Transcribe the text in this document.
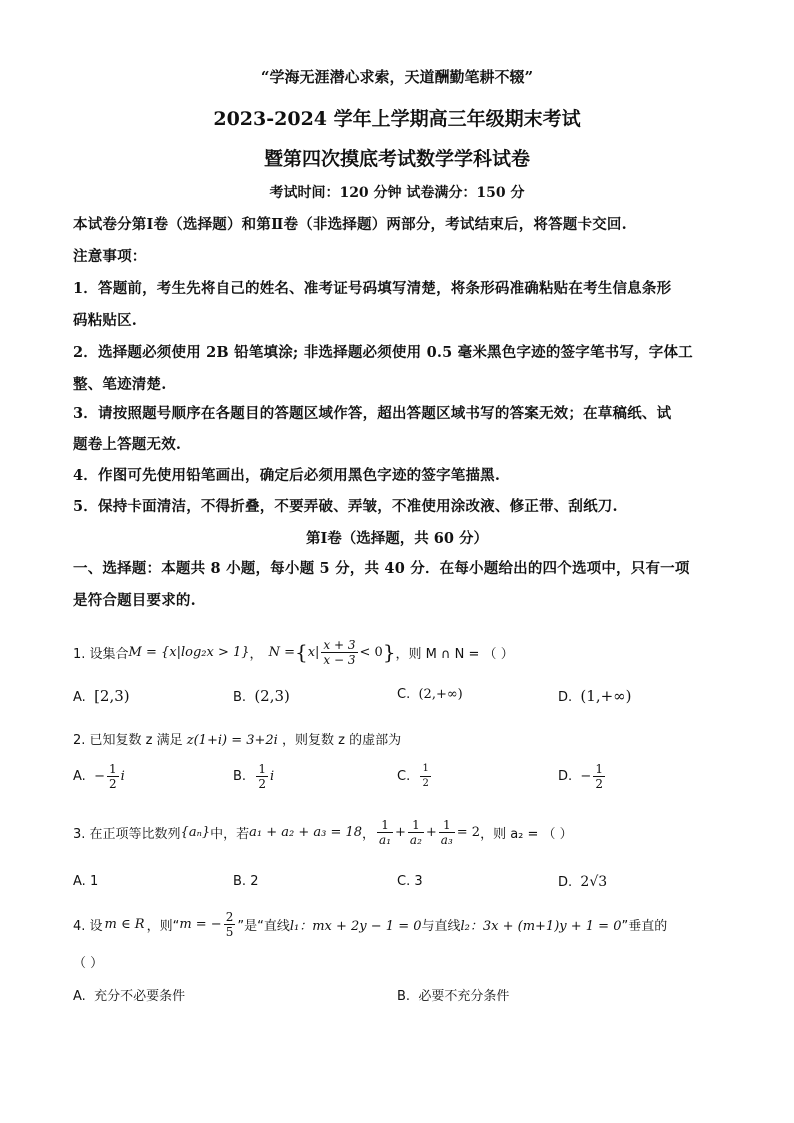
“学海无涯潜心求索，天道酬勤笔耕不辍”
2023-2024 学年上学期高三年级期末考试
暨第四次摸底考试数学学科试卷
考试时间：120 分钟 试卷满分：150 分
本试卷分第Ⅰ卷（选择题）和第Ⅱ卷（非选择题）两部分，考试结束后，将答题卡交回.
注意事项：
1．答题前，考生先将自己的姓名、准考证号码填写清楚，将条形码准确粘贴在考生信息条形
码粘贴区.
2．选择题必须使用 2B 铅笔填涂; 非选择题必须使用 0.5 毫米黑色字迹的签字笔书写，字体工
整、笔迹清楚.
3．请按照题号顺序在各题目的答题区域作答，超出答题区域书写的答案无效；在草稿纸、试
题卷上答题无效.
4．作图可先使用铅笔画出，确定后必须用黑色字迹的签字笔描黑.
5．保持卡面清洁，不得折叠，不要弄破、弄皱，不准使用涂改液、修正带、刮纸刀.
第Ⅰ卷（选择题，共 60 分）
一、选择题：本题共 8 小题，每小题 5 分，共 40 分．在每小题给出的四个选项中，只有一项
是符合题目要求的.
1. 设集合 M = {x|log₂x > 1} ， N = { $x| \frac{x + 3}{x - 3} < 0$ } ，则 M ∩ N = （ ）
A. [2,3)	B. (2,3)	C. (2,+∞)	D. (1,+∞)
2. 已知复数 z 满足 z(1+i) = 3+2i ，则复数 z 的虚部为
A.
− $\frac{1}{2}$ i	B.
$\frac{1}{2}$ i	C.
$\frac{1}{2}$	D.
− $\frac{1}{2}$
3. 在正项等比数列 {aₙ} 中，若 a₁ + a₂ + a₃ = 18 ， $\frac{1}{\text{a₁}} + \frac{1}{\text{a₂}} + \frac{1}{\text{a₃}} = 2$ ，则 a₂ = （ ）
A. 1	B. 2	C. 3	D. 2√3
4. 设 m ∈ R ，则“ m = − $\frac{2}{5}$ ”是“直线 l₁：mx + 2y − 1 = 0 与直线 l₂：3x + (m+1)y + 1 = 0 ”垂直的
（ ）
A. 充分不必要条件	B. 必要不充分条件
